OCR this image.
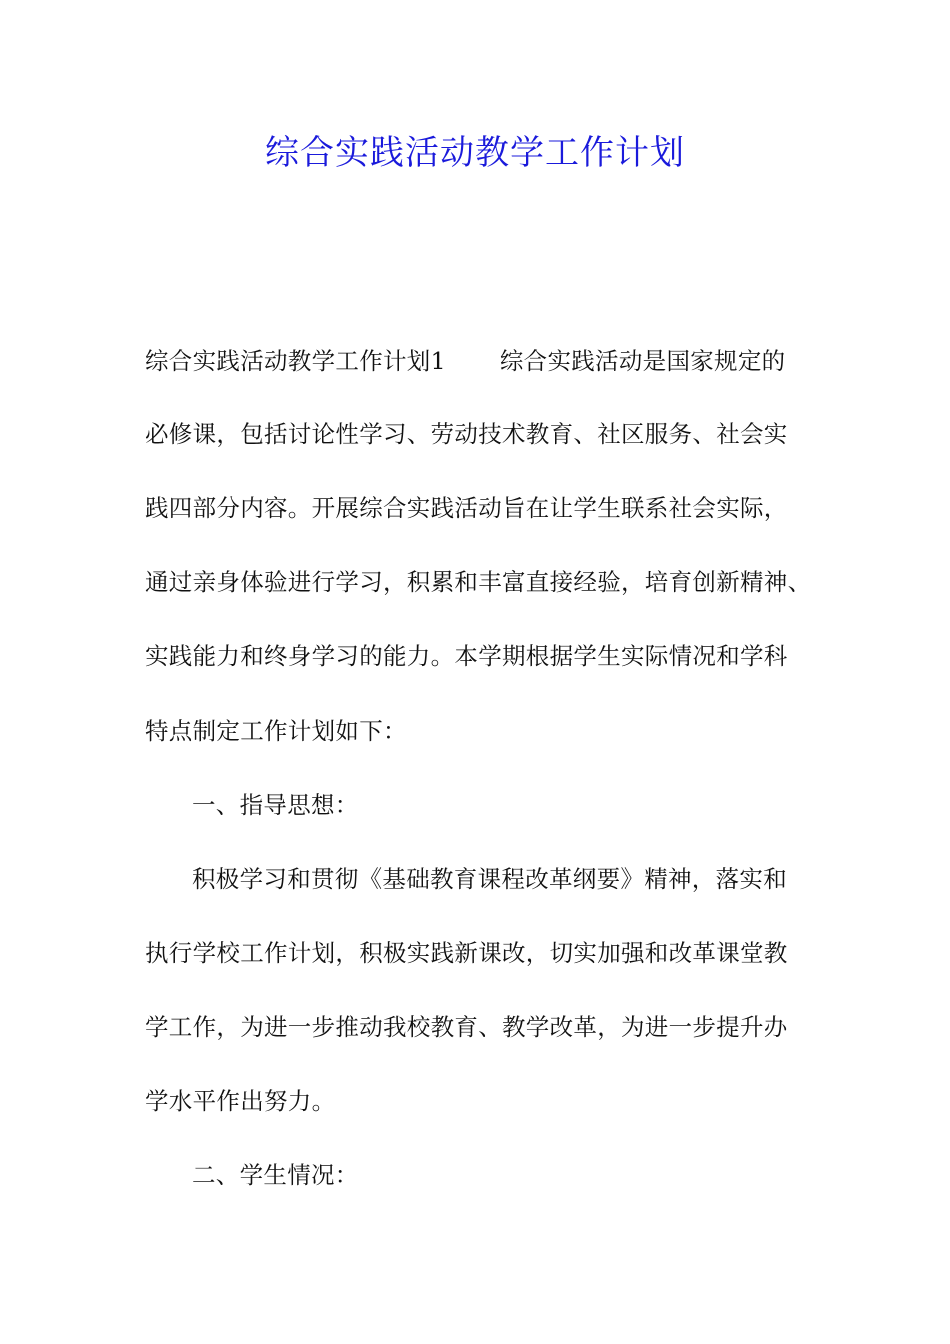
综合实践活动教学工作计划
综合实践活动教学工作计划1 综合实践活动是国家规定的
必修课，包括讨论性学习、劳动技术教育、社区服务、社会实
践四部分内容。开展综合实践活动旨在让学生联系社会实际，
通过亲身体验进行学习，积累和丰富直接经验，培育创新精神、
实践能力和终身学习的能力。本学期根据学生实际情况和学科
特点制定工作计划如下：
一、指导思想：
积极学习和贯彻《基础教育课程改革纲要》精神，落实和
执行学校工作计划，积极实践新课改，切实加强和改革课堂教
学工作，为进一步推动我校教育、教学改革，为进一步提升办
学水平作出努力。
二、学生情况：
